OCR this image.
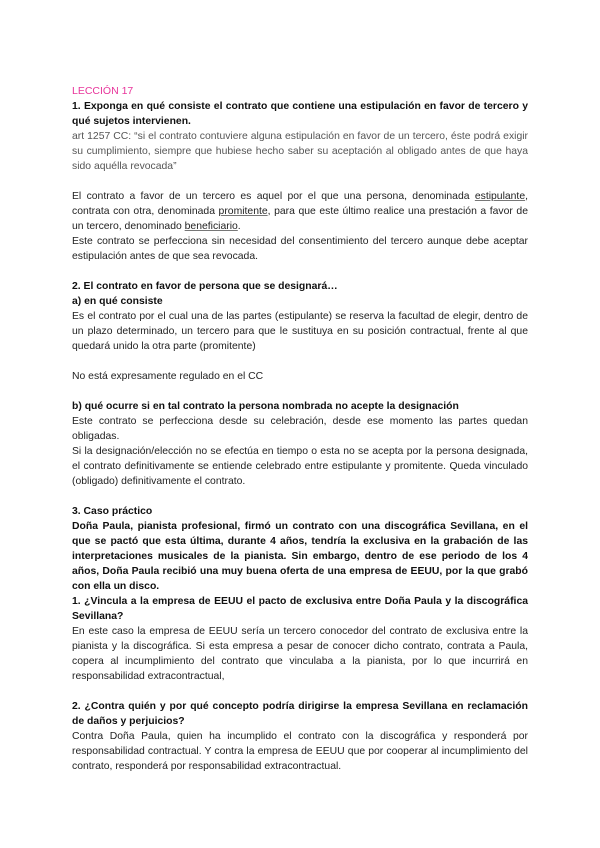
LECCIÓN 17

1. Exponga en qué consiste el contrato que contiene una estipulación en favor de tercero y qué sujetos intervienen.

art 1257 CC: “si el contrato contuviere alguna estipulación en favor de un tercero, éste podrá exigir su cumplimiento, siempre que hubiese hecho saber su aceptación al obligado antes de que haya sido aquélla revocada”

El contrato a favor de un tercero es aquel por el que una persona, denominada estipulante, contrata con otra, denominada promitente, para que este último realice una prestación a favor de un tercero, denominado beneficiario.

Este contrato se perfecciona sin necesidad del consentimiento del tercero aunque debe aceptar estipulación antes de que sea revocada.

2. El contrato en favor de persona que se designará…

a) en qué consiste

Es el contrato por el cual una de las partes (estipulante) se reserva la facultad de elegir, dentro de un plazo determinado, un tercero para que le sustituya en su posición contractual, frente al que quedará unido la otra parte (promitente)

No está expresamente regulado en el CC

b) qué ocurre si en tal contrato la persona nombrada no acepte la designación

Este contrato se perfecciona desde su celebración, desde ese momento las partes quedan obligadas.

Si la designación/elección no se efectúa en tiempo o esta no se acepta por la persona designada, el contrato definitivamente se entiende celebrado entre estipulante y promitente. Queda vinculado (obligado) definitivamente el contrato.

3. Caso práctico

Doña Paula, pianista profesional, firmó un contrato con una discográfica Sevillana, en el que se pactó que esta última, durante 4 años, tendría la exclusiva en la grabación de las interpretaciones musicales de la pianista. Sin embargo, dentro de ese periodo de los 4 años, Doña Paula recibió una muy buena oferta de una empresa de EEUU, por la que grabó con ella un disco.

1. ¿Vincula a la empresa de EEUU el pacto de exclusiva entre Doña Paula y la discográfica Sevillana?

En este caso la empresa de EEUU sería un tercero conocedor del contrato de exclusiva entre la pianista y la discográfica. Si esta empresa a pesar de conocer dicho contrato, contrata a Paula, copera al incumplimiento del contrato que vinculaba a la pianista, por lo que incurrirá en responsabilidad extracontractual,

2. ¿Contra quién y por qué concepto podría dirigirse la empresa Sevillana en reclamación de daños y perjuicios?

Contra Doña Paula, quien ha incumplido el contrato con la discográfica y responderá por responsabilidad contractual. Y contra la empresa de EEUU que por cooperar al incumplimiento del contrato, responderá por responsabilidad extracontractual.
